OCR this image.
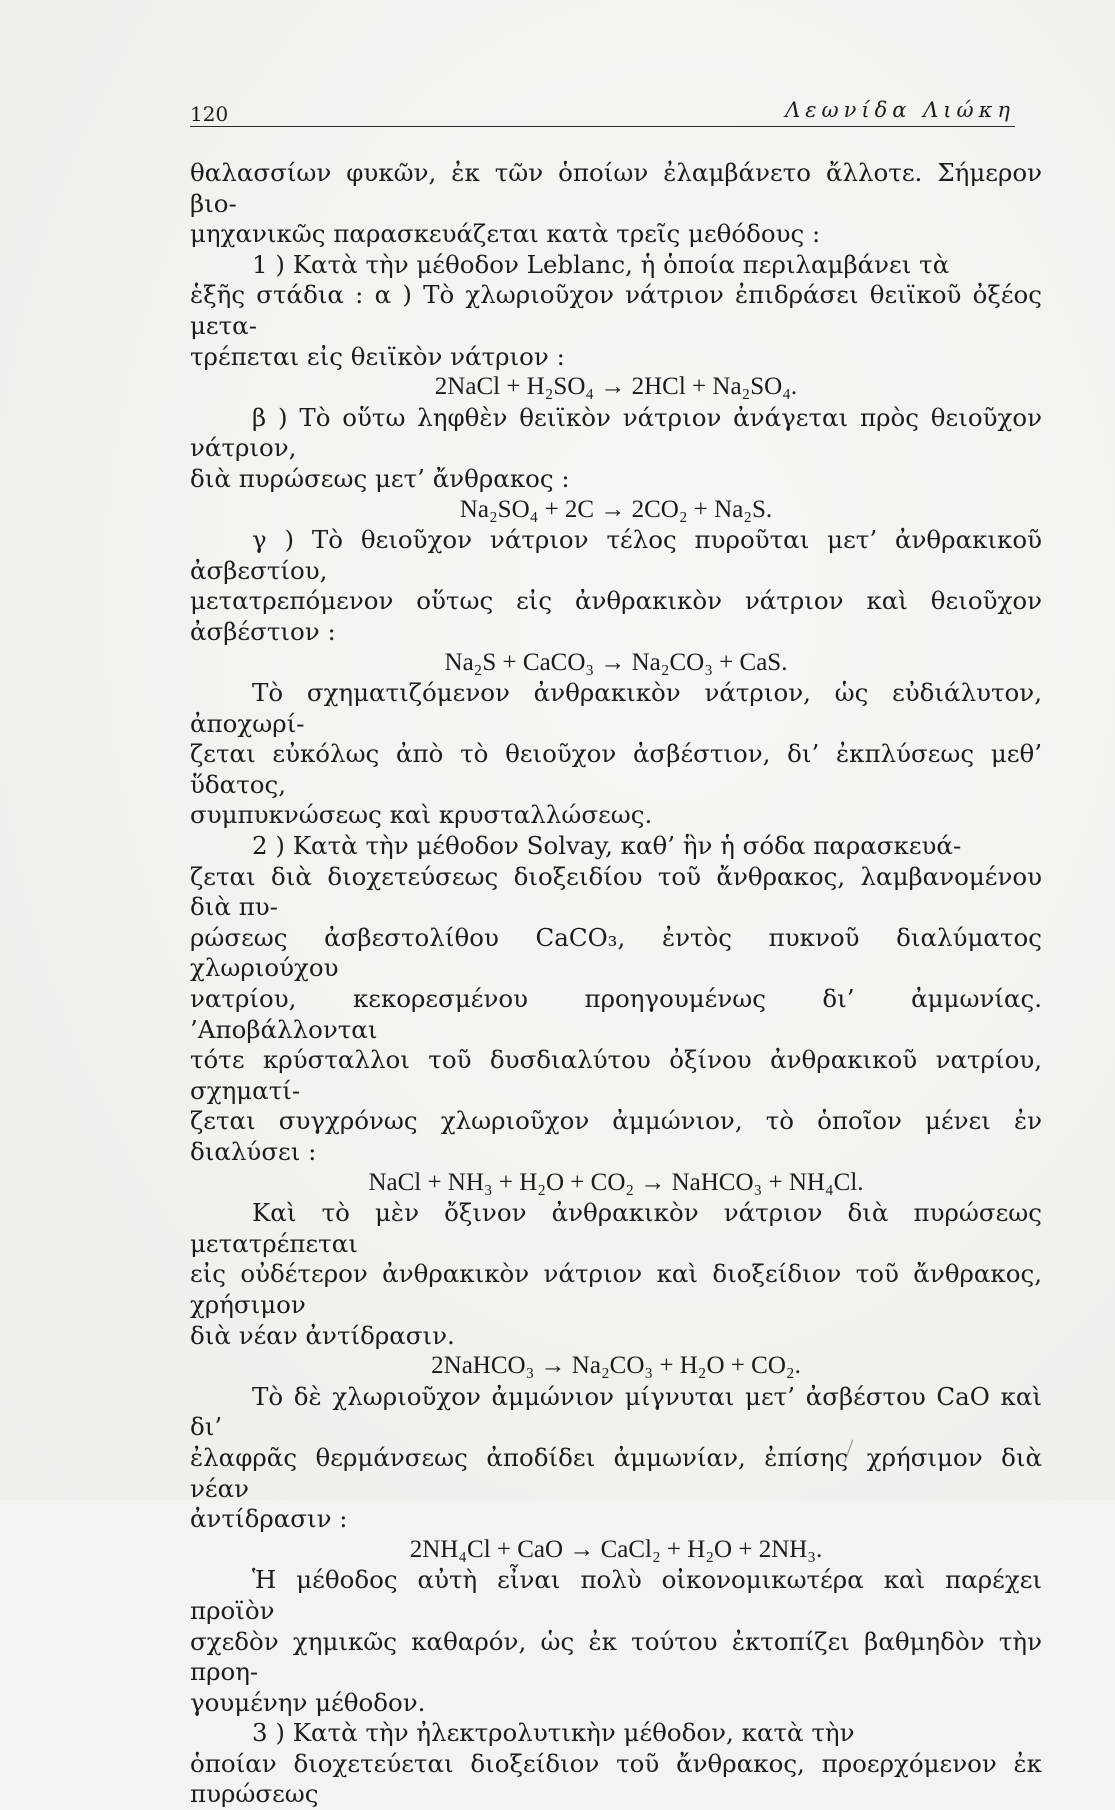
120	Λεωνίδα Λιώκη
θαλασσίων φυκῶν, ἐκ τῶν ὁποίων ἐλαμβάνετο ἄλλοτε. Σήμερον βιο-
μηχανικῶς παρασκευάζεται κατὰ τρεῖς μεθόδους :
1 ) Κατὰ τὴν μέθοδον Leblanc, ἡ ὁποία περιλαμβάνει τὰ
ἑξῆς στάδια : α ) Τὸ χλωριοῦχον νάτριον ἐπιδράσει θειϊκοῦ ὀξέος μετα-
τρέπεται εἰς θειϊκὸν νάτριον :
2NaCl + H₂SO₄ → 2HCl + Na₂SO₄.
β ) Τὸ οὕτω ληφθὲν θειϊκὸν νάτριον ἀνάγεται πρὸς θειοῦχον νάτριον,
διὰ πυρώσεως μετ’ ἄνθρακος :
Na₂SO₄ + 2C → 2CO₂ + Na₂S.
γ ) Τὸ θειοῦχον νάτριον τέλος πυροῦται μετ’ ἀνθρακικοῦ ἀσβεστίου,
μετατρεπόμενον οὕτως εἰς ἀνθρακικὸν νάτριον καὶ θειοῦχον ἀσβέστιον :
Na₂S + CaCO₃ → Na₂CO₃ + CaS.
Τὸ σχηματιζόμενον ἀνθρακικὸν νάτριον, ὡς εὐδιάλυτον, ἀποχωρί-
ζεται εὐκόλως ἀπὸ τὸ θειοῦχον ἀσβέστιον, δι’ ἐκπλύσεως μεθ’ ὕδατος,
συμπυκνώσεως καὶ κρυσταλλώσεως.
2 ) Κατὰ τὴν μέθοδον Solvay, καθ’ ἣν ἡ σόδα παρασκευά-
ζεται διὰ διοχετεύσεως διοξειδίου τοῦ ἄνθρακος, λαμβανομένου διὰ πυ-
ρώσεως ἀσβεστολίθου CaCO₃, ἐντὸς πυκνοῦ διαλύματος χλωριούχου
νατρίου, κεκορεσμένου προηγουμένως δι’ ἀμμωνίας. ’Αποβάλλονται
τότε κρύσταλλοι τοῦ δυσδιαλύτου ὀξίνου ἀνθρακικοῦ νατρίου, σχηματί-
ζεται συγχρόνως χλωριοῦχον ἀμμώνιον, τὸ ὁποῖον μένει ἐν διαλύσει :
NaCl + NH₃ + H₂O + CO₂ → NaHCO₃ + NH₄Cl.
Καὶ τὸ μὲν ὄξινον ἀνθρακικὸν νάτριον διὰ πυρώσεως μετατρέπεται
εἰς οὐδέτερον ἀνθρακικὸν νάτριον καὶ διοξείδιον τοῦ ἄνθρακος, χρήσιμον
διὰ νέαν ἀντίδρασιν.
2NaHCO₃ → Na₂CO₃ + H₂O + CO₂.
Τὸ δὲ χλωριοῦχον ἀμμώνιον μίγνυται μετ’ ἀσβέστου CaO καὶ δι’
ἐλαφρᾶς θερμάνσεως ἀποδίδει ἀμμωνίαν, ἐπίσης χρήσιμον διὰ νέαν
ἀντίδρασιν :
2NH₄Cl + CaO → CaCl₂ + H₂O + 2NH₃.
Ἡ μέθοδος αὐτὴ εἶναι πολὺ οἰκονομικωτέρα καὶ παρέχει προϊὸν
σχεδὸν χημικῶς καθαρόν, ὡς ἐκ τούτου ἐκτοπίζει βαθμηδὸν τὴν προη-
γουμένην μέθοδον.
3 ) Κατὰ τὴν ἠλεκτρολυτικὴν μέθοδον, κατὰ τὴν
ὁποίαν διοχετεύεται διοξείδιον τοῦ ἄνθρακος, προερχόμενον ἐκ πυρώσεως
